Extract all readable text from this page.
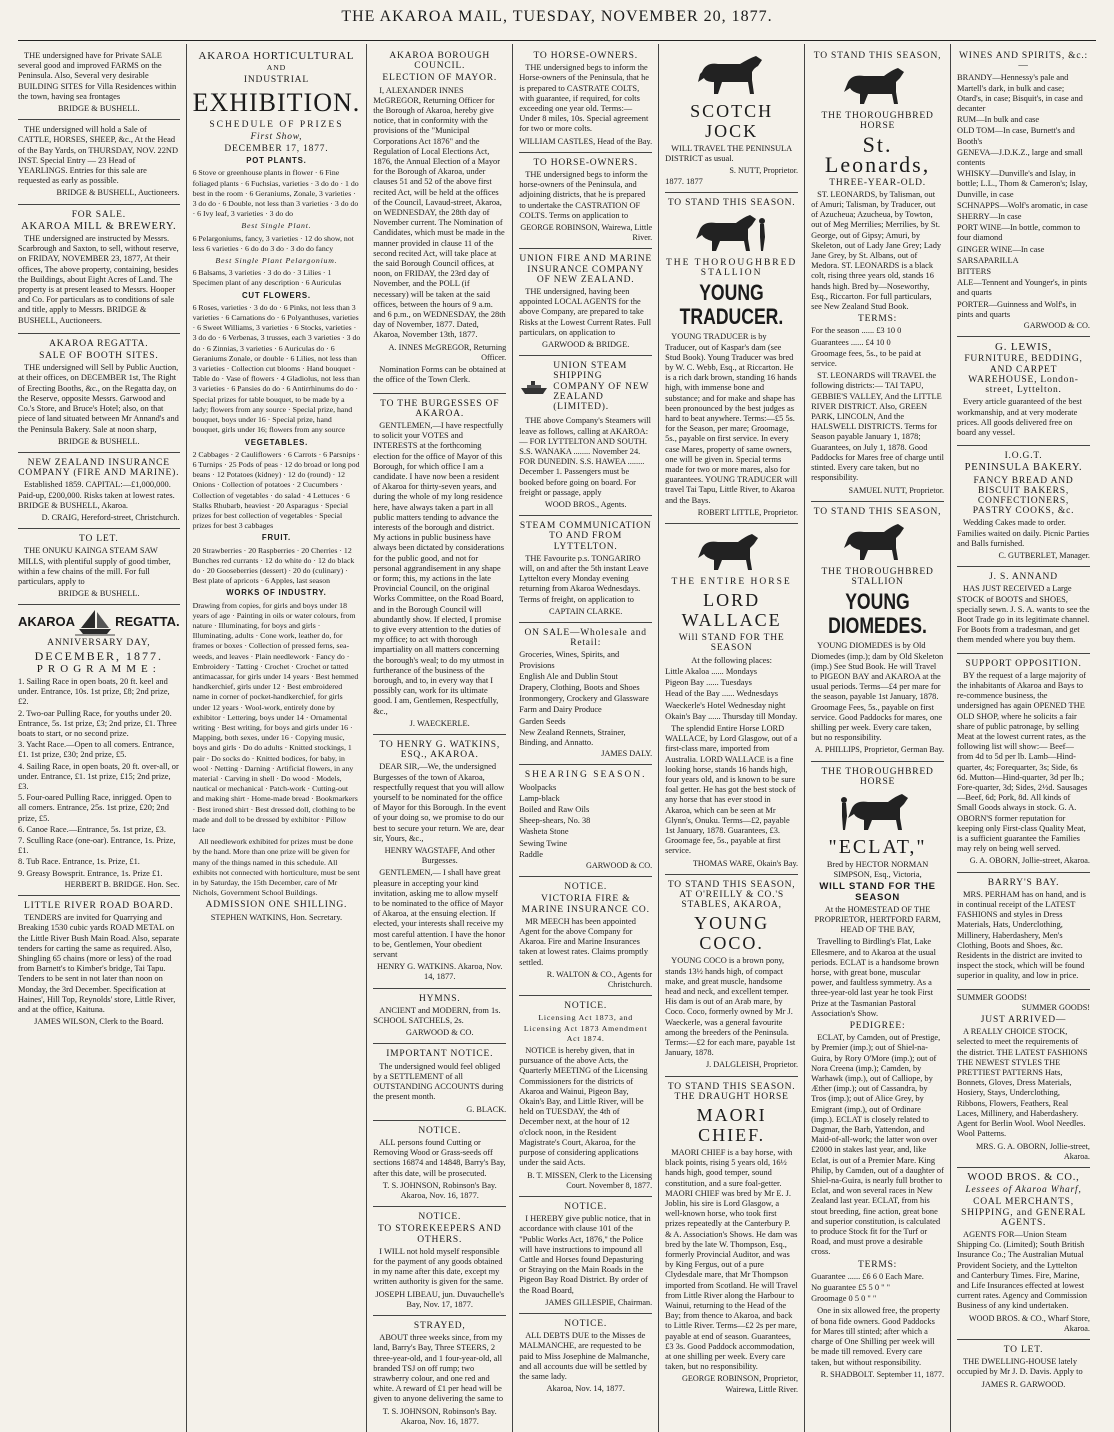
THE AKAROA MAIL, TUESDAY, NOVEMBER 20, 1877.
THE undersigned have for Private SALE several good and improved FARMS on the Peninsula. Also, Several very desirable BUILDING SITES for Villa Residences within the town, having sea frontages
BRIDGE & BUSHELL.
THE undersigned will hold a Sale of CATTLE, HORSES, SHEEP, &c., At the Head of the Bay Yards, on THURSDAY, NOV. 22ND INST. Special Entry — 23 Head of YEARLINGS. Entries for this sale are requested as early as possible.
BRIDGE & BUSHELL, Auctioneers.
FOR SALE.
AKAROA MILL & BREWERY.
THE undersigned are instructed by Messrs. Scarbrough and Saxton, to sell, without reserve, on FRIDAY, NOVEMBER 23, 1877, At their offices, The above property, containing, besides the Buildings, about Eight Acres of Land. The property is at present leased to Messrs. Hooper and Co. For particulars as to conditions of sale and title, apply to Messrs. BRIDGE & BUSHELL, Auctioneers.
AKAROA REGATTA.
SALE OF BOOTH SITES.
THE undersigned will Sell by Public Auction, at their offices, on DECEMBER 1st, The Right of Erecting Booths, &c., on the Regatta day, on the Reserve, opposite Messrs. Garwood and Co.'s Store, and Bruce's Hotel; also, on that piece of land situated between Mr Annand's and the Peninsula Bakery. Sale at noon sharp,
BRIDGE & BUSHELL.
NEW ZEALAND INSURANCE COMPANY (FIRE AND MARINE).
Established 1859. CAPITAL:—£1,000,000. Paid-up, £200,000. Risks taken at lowest rates. BRIDGE & BUSHELL, Akaroa.
D. CRAIG, Hereford-street, Christchurch.
TO LET.
THE ONUKU KAINGA STEAM SAW MILLS, with plentiful supply of good timber, within a few chains of the mill. For full particulars, apply to
BRIDGE & BUSHELL.
AKAROA	REGATTA.
ANNIVERSARY DAY,
DECEMBER, 1877.
PROGRAMME:
1. Sailing Race in open boats, 20 ft. keel and under. Entrance, 10s. 1st prize, £8; 2nd prize, £2.
2. Two-oar Pulling Race, for youths under 20. Entrance, 5s. 1st prize, £3; 2nd prize, £1. Three boats to start, or no second prize.
3. Yacht Race.—Open to all comers. Entrance, £1. 1st prize, £30; 2nd prize, £5.
4. Sailing Race, in open boats, 20 ft. over-all, or under. Entrance, £1. 1st prize, £15; 2nd prize, £3.
5. Four-oared Pulling Race, inrigged. Open to all comers. Entrance, 25s. 1st prize, £20; 2nd prize, £5.
6. Canoe Race.—Entrance, 5s. 1st prize, £3.
7. Sculling Race (one-oar). Entrance, 1s. Prize, £1.
8. Tub Race. Entrance, 1s. Prize, £1.
9. Greasy Bowsprit. Entrance, 1s. Prize £1.
HERBERT B. BRIDGE. Hon. Sec.
LITTLE RIVER ROAD BOARD.
TENDERS are invited for Quarrying and Breaking 1530 cubic yards ROAD METAL on the Little River Bush Main Road. Also, separate tenders for carting the same as required. Also, Shingling 65 chains (more or less) of the road from Barnett's to Kimber's bridge, Tai Tapu. Tenders to be sent in not later than noon on Monday, the 3rd December. Specification at Haines', Hill Top, Reynolds' store, Little River, and at the office, Kaituna.
JAMES WILSON, Clerk to the Board.
AKAROA HORTICULTURAL
AND
INDUSTRIAL
EXHIBITION.
SCHEDULE OF PRIZES
First Show,
DECEMBER 17, 1877.
POT PLANTS.
6 Stove or greenhouse plants in flower · 6 Fine foliaged plants · 6 Fuchsias, varieties · 3 do do · 1 do best in the room · 6 Geraniums, Zonale, 3 varieties · 3 do do · 6 Double, not less than 3 varieties · 3 do do · 6 Ivy leaf, 3 varieties · 3 do do
Best Single Plant.
6 Pelargoniums, fancy, 3 varieties · 12 do show, not less 6 varieties · 6 do do 3 do · 3 do do fancy
Best Single Plant Pelargonium.
6 Balsams, 3 varieties · 3 do do · 3 Lilies · 1 Specimen plant of any description · 6 Auriculas
CUT FLOWERS.
6 Roses, varieties · 3 do do · 6 Pinks, not less than 3 varieties · 6 Carnations do · 6 Polyanthuses, varieties · 6 Sweet Williams, 3 varieties · 6 Stocks, varieties · 3 do do · 6 Verbenas, 3 trusses, each 3 varieties · 3 do do · 6 Zinnias, 3 varieties · 6 Auriculas do · 6 Geraniums Zonale, or double · 6 Lilies, not less than 3 varieties · Collection cut blooms · Hand bouquet · Table do · Vase of flowers · 4 Gladiolus, not less than 3 varieties · 6 Pansies do do · 6 Antirrhinums do do · Special prizes for table bouquet, to be made by a lady; flowers from any source · Special prize, hand bouquet, boys under 16 · Special prize, hand bouquet, girls under 16; flowers from any source
VEGETABLES.
2 Cabbages · 2 Cauliflowers · 6 Carrots · 6 Parsnips · 6 Turnips · 25 Pods of peas · 12 do broad or long pod beans · 12 Potatoes (kidney) · 12 do (round) · 12 Onions · Collection of potatoes · 2 Cucumbers · Collection of vegetables · do salad · 4 Lettuces · 6 Stalks Rhubarb, heaviest · 20 Asparagus · Special prizes for best collection of vegetables · Special prizes for best 3 cabbages
FRUIT.
20 Strawberries · 20 Raspberries · 20 Cherries · 12 Bunches red currants · 12 do white do · 12 do black do · 20 Gooseberries (dessert) · 20 do (culinary) · Best plate of apricots · 6 Apples, last season
WORKS OF INDUSTRY.
Drawing from copies, for girls and boys under 18 years of age · Painting in oils or water colours, from nature · Illuminating, for boys and girls · Illuminating, adults · Cone work, leather do, for frames or boxes · Collection of pressed ferns, sea-weeds, and leaves · Plain needlework · Fancy do · Embroidery · Tatting · Crochet · Crochet or tatted antimacassar, for girls under 14 years · Best hemmed handkerchief, girls under 12 · Best embroidered name in corner of pocket-handkerchief, for girls under 12 years · Wool-work, entirely done by exhibitor · Lettering, boys under 14 · Ornamental writing · Best writing, for boys and girls under 16 · Mapping, both sexes, under 16 · Copying music, boys and girls · Do do adults · Knitted stockings, 1 pair · Do socks do · Knitted bodices, for baby, in wool · Netting · Darning · Artificial flowers, in any material · Carving in shell · Do wood · Models, nautical or mechanical · Patch-work · Cutting-out and making shirt · Home-made bread · Bookmarkers · Best ironed shirt · Best dressed doll, clothing to be made and doll to be dressed by exhibitor · Pillow lace
All needlework exhibited for prizes must be done by the hand. More than one prize will be given for many of the things named in this schedule. All exhibits not connected with horticulture, must be sent in by Saturday, the 15th December, care of Mr Nichols, Government School Buildings.
ADMISSION ONE SHILLING.
STEPHEN WATKINS, Hon. Secretary.
AKAROA BOROUGH COUNCIL.
ELECTION OF MAYOR.
I, ALEXANDER INNES McGREGOR, Returning Officer for the Borough of Akaroa, hereby give notice, that in conformity with the provisions of the "Municipal Corporations Act 1876" and the Regulation of Local Elections Act, 1876, the Annual Election of a Mayor for the Borough of Akaroa, under clauses 51 and 52 of the above first recited Act, will be held at the offices of the Council, Lavaud-street, Akaroa, on WEDNESDAY, the 28th day of November current. The Nomination of Candidates, which must be made in the manner provided in clause 11 of the second recited Act, will take place at the said Borough Council offices, at noon, on FRIDAY, the 23rd day of November, and the POLL (if necessary) will be taken at the said offices, between the hours of 9 a.m. and 6 p.m., on WEDNESDAY, the 28th day of November, 1877. Dated, Akaroa, November 13th, 1877.
A. INNES McGREGOR, Returning Officer.
Nomination Forms can be obtained at the office of the Town Clerk.
TO THE BURGESSES OF AKAROA.
GENTLEMEN,—I have respectfully to solicit your VOTES and INTERESTS at the forthcoming election for the office of Mayor of this Borough, for which office I am a candidate. I have now been a resident of Akaroa for thirty-seven years, and during the whole of my long residence here, have always taken a part in all public matters tending to advance the interests of the borough and district. My actions in public business have always been dictated by considerations for the public good, and not for personal aggrandisement in any shape or form; this, my actions in the late Provincial Council, on the original Works Committee, on the Road Board, and in the Borough Council will abundantly show. If elected, I promise to give every attention to the duties of my office; to act with thorough impartiality on all matters concerning the borough's weal; to do my utmost in furtherance of the business of the borough, and to, in every way that I possibly can, work for its ultimate good. I am, Gentlemen, Respectfully, &c.,
J. WAECKERLE.
TO HENRY G. WATKINS, ESQ., AKAROA.
DEAR SIR,—We, the undersigned Burgesses of the town of Akaroa, respectfully request that you will allow yourself to be nominated for the office of Mayor for this Borough. In the event of your doing so, we promise to do our best to secure your return. We are, dear sir, Yours, &c.,
HENRY WAGSTAFF, And other Burgesses.
GENTLEMEN,— I shall have great pleasure in accepting your kind invitation, asking me to allow myself to be nominated to the office of Mayor of Akaroa, at the ensuing election. If elected, your interests shall receive my most careful attention. I have the honor to be, Gentlemen, Your obedient servant
HENRY G. WATKINS. Akaroa, Nov. 14, 1877.
HYMNS.
ANCIENT and MODERN, from 1s. SCHOOL SATCHELS, 2s.
GARWOOD & CO.
IMPORTANT NOTICE.
The undersigned would feel obliged by a SETTLEMENT of all OUTSTANDING ACCOUNTS during the present month.
G. BLACK.
NOTICE.
ALL persons found Cutting or Removing Wood or Grass-seeds off sections 16874 and 14848, Barry's Bay, after this date, will be prosecuted.
T. S. JOHNSON, Robinson's Bay. Akaroa, Nov. 16, 1877.
NOTICE.
TO STOREKEEPERS AND OTHERS.
I WILL not hold myself responsible for the payment of any goods obtained in my name after this date, except my written authority is given for the same.
JOSEPH LIBEAU, jun. Duvauchelle's Bay, Nov. 17, 1877.
STRAYED,
ABOUT three weeks since, from my land, Barry's Bay, Three STEERS, 2 three-year-old, and 1 four-year-old, all branded TSJ on off rump; two strawberry colour, and one red and white. A reward of £1 per head will be given to anyone delivering the same to
T. S. JOHNSON, Robinson's Bay. Akaroa, Nov. 16, 1877.
TO HORSE-OWNERS.
THE undersigned begs to inform the Horse-owners of the Peninsula, that he is prepared to CASTRATE COLTS, with guarantee, if required, for colts exceeding one year old. Terms:—Under 8 miles, 10s. Special agreement for two or more colts.
WILLIAM CASTLES, Head of the Bay.
TO HORSE-OWNERS.
THE undersigned begs to inform the horse-owners of the Peninsula, and adjoining districts, that he is prepared to undertake the CASTRATION OF COLTS. Terms on application to
GEORGE ROBINSON, Wairewa, Little River.
UNION FIRE AND MARINE INSURANCE COMPANY OF NEW ZEALAND.
THE undersigned, having been appointed LOCAL AGENTS for the above Company, are prepared to take Risks at the Lowest Current Rates. Full particulars, on application to
GARWOOD & BRIDGE.
UNION STEAM SHIPPING COMPANY OF NEW ZEALAND (LIMITED).
THE above Company's Steamers will leave as follows, calling at AKAROA:— FOR LYTTELTON AND SOUTH. S.S. WANAKA ........ November 24. FOR DUNEDIN. S.S. HAWEA ........ December 1. Passengers must be booked before going on board. For freight or passage, apply
WOOD BROS., Agents.
STEAM COMMUNICATION TO AND FROM LYTTELTON.
THE Favourite p.s. TONGARIRO will, on and after the 5th instant Leave Lyttelton every Monday evening returning from Akaroa Wednesdays. Terms of freight, on application to
CAPTAIN CLARKE.
ON SALE—Wholesale and Retail:
Groceries, Wines, Spirits, and Provisions
English Ale and Dublin Stout
Drapery, Clothing, Boots and Shoes
Ironmongery, Crockery and Glassware
Farm and Dairy Produce
Garden Seeds
New Zealand Rennets, Strainer, Binding, and Annatto.
JAMES DALY.
SHEARING SEASON.
Woolpacks
Lamp-black
Boiled and Raw Oils
Sheep-shears, No. 38
Washeta Stone
Sewing Twine
Raddle
GARWOOD & CO.
NOTICE.
VICTORIA FIRE & MARINE INSURANCE CO.
MR MEECH has been appointed Agent for the above Company for Akaroa. Fire and Marine Insurances taken at lowest rates. Claims promptly settled.
R. WALTON & CO., Agents for Christchurch.
NOTICE.
Licensing Act 1873, and Licensing Act 1873 Amendment Act 1874.
NOTICE is hereby given, that in pursuance of the above Acts, the Quarterly MEETING of the Licensing Commissioners for the districts of Akaroa and Wainui, Pigeon Bay, Okain's Bay, and Little River, will be held on TUESDAY, the 4th of December next, at the hour of 12 o'clock noon, in the Resident Magistrate's Court, Akaroa, for the purpose of considering applications under the said Acts.
B. T. MISSEN, Clerk to the Licensing Court. November 8, 1877.
NOTICE.
I HEREBY give public notice, that in accordance with clause 101 of the "Public Works Act, 1876," the Police will have instructions to impound all Cattle and Horses found Depasturing or Straying on the Main Roads in the Pigeon Bay Road District. By order of the Road Board,
JAMES GILLESPIE, Chairman.
NOTICE.
ALL DEBTS DUE to the Misses de MALMANCHE, are requested to be paid to Miss Josephine de Malmanche, and all accounts due will be settled by the same lady.
Akaroa, Nov. 14, 1877.
SCOTCH JOCK
WILL TRAVEL THE PENINSULA DISTRICT as usual.
S. NUTT, Proprietor.
1877. 1877
TO STAND THIS SEASON.
THE THOROUGHBRED STALLION
YOUNG TRADUCER.
YOUNG TRADUCER is by Traducer, out of Kaspar's dam (see Stud Book). Young Traducer was bred by W. C. Webb, Esq., at Riccarton. He is a rich dark brown, standing 16 hands high, with immense bone and substance; and for make and shape has been pronounced by the best judges as hard to beat anywhere. Terms:—£5 5s. for the Season, per mare; Groomage, 5s., payable on first service. In every case Mares, property of same owners, one will be given in. Special terms made for two or more mares, also for guarantees. YOUNG TRADUCER will travel Tai Tapu, Little River, to Akaroa and the Bays.
ROBERT LITTLE, Proprietor.
THE ENTIRE HORSE
LORD WALLACE
Will STAND FOR THE SEASON
At the following places:
Little Akaloa ...... Mondays
Pigeon Bay ...... Tuesdays
Head of the Bay ...... Wednesdays
Waeckerle's Hotel Wednesday night
Okain's Bay ...... Thursday till Monday.
The splendid Entire Horse LORD WALLACE, by Lord Glasgow, out of a first-class mare, imported from Australia. LORD WALLACE is a fine looking horse, stands 16 hands high, four years old, and is known to be sure foal getter. He has got the best stock of any horse that has ever stood in Akaroa, which can be seen at Mr Glynn's, Onuku. Terms—£2, payable 1st January, 1878. Guarantees, £3. Groomage fee, 5s., payable at first service.
THOMAS WARE, Okain's Bay.
TO STAND THIS SEASON, AT O'REILLY & CO.'S STABLES, AKAROA,
YOUNG COCO.
YOUNG COCO is a brown pony, stands 13½ hands high, of compact make, and great muscle, handsome head and neck, and excellent temper. His dam is out of an Arab mare, by Coco. Coco, formerly owned by Mr J. Waeckerle, was a general favourite among the breeders of the Peninsula. Terms:—£2 for each mare, payable 1st January, 1878.
J. DALGLEISH, Proprietor.
TO STAND THIS SEASON. THE DRAUGHT HORSE
MAORI CHIEF.
MAORI CHIEF is a bay horse, with black points, rising 5 years old, 16½ hands high, good temper, sound constitution, and a sure foal-getter. MAORI CHIEF was bred by Mr E. J. Joblin, his sire is Lord Glasgow, a well-known horse, who took first prizes repeatedly at the Canterbury P. & A. Association's Shows. He dam was bred by the late W. Thompson, Esq., formerly Provincial Auditor, and was by King Fergus, out of a pure Clydesdale mare, that Mr Thompson imported from Scotland. He will Travel from Little River along the Harbour to Wainui, returning to the Head of the Bay; from thence to Akaroa, and back to Little River. Terms—£2 2s per mare, payable at end of season. Guarantees, £3 3s. Good Paddock accommodation, at one shilling per week. Every care taken, but no responsibility.
GEORGE ROBINSON, Proprietor, Wairewa, Little River.
TO STAND THIS SEASON,
THE THOROUGHBRED HORSE
St. Leonards,
THREE-YEAR-OLD.
ST. LEONARDS, by Talisman, out of Amuri; Talisman, by Traducer, out of Azucheua; Azucheua, by Towton, out of Meg Merrilies; Merrilies, by St. George, out of Gipsy; Amuri, by Skeleton, out of Lady Jane Grey; Lady Jane Grey, by St. Albans, out of Medora. ST. LEONARDS is a black colt, rising three years old, stands 16 hands high. Bred by—Noseworthy, Esq., Riccarton. For full particulars, see New Zealand Stud Book.
TERMS:
For the season ...... £3 10 0
Guarantees ...... £4 10 0
Groomage fees, 5s., to be paid at service.
ST. LEONARDS will TRAVEL the following districts:— TAI TAPU, GEBBIE'S VALLEY, And the LITTLE RIVER DISTRICT. Also, GREEN PARK, LINCOLN, And the HALSWELL DISTRICTS. Terms for Season payable January 1, 1878; Guarantees, on July 1, 1878. Good Paddocks for Mares free of charge until stinted. Every care taken, but no responsibility.
SAMUEL NUTT, Proprietor.
TO STAND THIS SEASON,
THE THOROUGHBRED STALLION
YOUNG DIOMEDES.
YOUNG DIOMEDES is by Old Diomedes (imp.); dam by Old Skeleton (imp.) See Stud Book. He will Travel to PIGEON BAY and AKAROA at the usual periods. Terms—£4 per mare for the season, payable 1st January, 1878. Groomage Fees, 5s., payable on first service. Good Paddocks for mares, one shilling per week. Every care taken, but no responsibility.
A. PHILLIPS, Proprietor, German Bay.
THE THOROUGHBRED HORSE
"ECLAT,"
Bred by HECTOR NORMAN SIMPSON, Esq., Victoria,
WILL STAND FOR THE SEASON
At the HOMESTEAD OF THE PROPRIETOR, HERTFORD FARM, HEAD OF THE BAY,
Travelling to Birdling's Flat, Lake Ellesmere, and to Akaroa at the usual periods. ECLAT is a handsome brown horse, with great bone, muscular power, and faultless symmetry. As a three-year-old last year he took First Prize at the Tasmanian Pastoral Association's Show.
PEDIGREE:
ECLAT, by Camden, out of Prestige, by Premier (imp.); out of Shiel-na-Guira, by Rory O'More (imp.); out of Nora Creena (imp.); Camden, by Warhawk (imp.), out of Calliope, by Æther (imp.); out of Cassandra, by Tros (imp.); out of Alice Grey, by Emigrant (imp.), out of Ordinare (imp.). ECLAT is closely related to Dagmar, the Barb, Yattendon, and Maid-of-all-work; the latter won over £2000 in stakes last year, and, like Eclat, is out of a Premier Mare. King Philip, by Camden, out of a daughter of Shiel-na-Guira, is nearly full brother to Eclat, and won several races in New Zealand last year. ECLAT, from his stout breeding, fine action, great bone and superior constitution, is calculated to produce Stock fit for the Turf or Road, and must prove a desirable cross.
TERMS:
Guarantee ...... £6 6 0 Each Mare.
No guarantee £5 5 0 " "
Groomage 0 5 0 " "
One in six allowed free, the property of bona fide owners. Good Paddocks for Mares till stinted; after which a charge of One Shilling per week will be made till removed. Every care taken, but without responsibility.
R. SHADBOLT. September 11, 1877.
WINES AND SPIRITS, &c.:—
BRANDY—Hennessy's pale and Martell's dark, in bulk and case; Otard's, in case; Bisquit's, in case and decanter
RUM—In bulk and case
OLD TOM—In case, Burnett's and Booth's
GENEVA—J.D.K.Z., large and small contents
WHISKY—Dunville's and Islay, in bottle; L.L., Thom & Cameron's; Islay, Dunville, in case
SCHNAPPS—Wolf's aromatic, in case
SHERRY—In case
PORT WINE—In bottle, common to four diamond
GINGER WINE—In case
SARSAPARILLA
BITTERS
ALE—Tennent and Younger's, in pints and quarts
PORTER—Guinness and Wolf's, in pints and quarts
GARWOOD & CO.
G. LEWIS,
FURNITURE, BEDDING, AND CARPET WAREHOUSE, London-street, Lyttelton.
Every article guaranteed of the best workmanship, and at very moderate prices. All goods delivered free on board any vessel.
I.O.G.T.
PENINSULA BAKERY.
FANCY BREAD AND BISCUIT BAKERS, CONFECTIONERS, PASTRY COOKS, &c.
Wedding Cakes made to order. Families waited on daily. Picnic Parties and Balls furnished.
C. GUTBERLET, Manager.
J. S. ANNAND
HAS JUST RECEIVED a Large STOCK of BOOTS and SHOES, specially sewn. J. S. A. wants to see the Boot Trade go in its legitimate channel. For Boots from a tradesman, and get them mended where you buy them.
SUPPORT OPPOSITION.
BY the request of a large majority of the inhabitants of Akaroa and Bays to re-commence business, the undersigned has again OPENED THE OLD SHOP, where he solicits a fair share of public patronage, by selling Meat at the lowest current rates, as the following list will show:— Beef—from 4d to 5d per lb. Lamb—Hind-quarter, 4s; Forequarter, 3s; Side, 6s 6d. Mutton—Hind-quarter, 3d per lb.; Fore-quarter, 3d; Sides, 2½d. Sausages—Beef, 6d; Pork, 8d. All kinds of Small Goods always in stock. G. A. OBORN'S former reputation for keeping only First-class Quality Meat, is a sufficient guarantee the Families may rely on being well served.
G. A. OBORN, Jollie-street, Akaroa.
BARRY'S BAY.
MRS. PERHAM has on hand, and is in continual receipt of the LATEST FASHIONS and styles in Dress Materials, Hats, Underclothing, Millinery, Haberdashery, Men's Clothing, Boots and Shoes, &c. Residents in the district are invited to inspect the stock, which will be found superior in quality, and low in price.
SUMMER GOODS!
SUMMER GOODS!
JUST ARRIVED—
A REALLY CHOICE STOCK, selected to meet the requirements of the district. THE LATEST FASHIONS THE NEWEST STYLES THE PRETTIEST PATTERNS Hats, Bonnets, Gloves, Dress Materials, Hosiery, Stays, Underclothing, Ribbons, Flowers, Feathers, Real Laces, Millinery, and Haberdashery. Agent for Berlin Wool. Wool Needles. Wool Patterns.
MRS. G. A. OBORN, Jollie-street, Akaroa.
WOOD BROS. & CO.,
Lessees of Akaroa Wharf,
COAL MERCHANTS, SHIPPING, and GENERAL AGENTS.
AGENTS FOR—Union Steam Shipping Co. (Limited); South British Insurance Co.; The Australian Mutual Provident Society, and the Lyttelton and Canterbury Times. Fire, Marine, and Life Insurances effected at lowest current rates. Agency and Commission Business of any kind undertaken.
WOOD BROS. & CO., Wharf Store, Akaroa.
TO LET.
THE DWELLING-HOUSE lately occupied by Mr J. D. Davis. Apply to
JAMES R. GARWOOD.
